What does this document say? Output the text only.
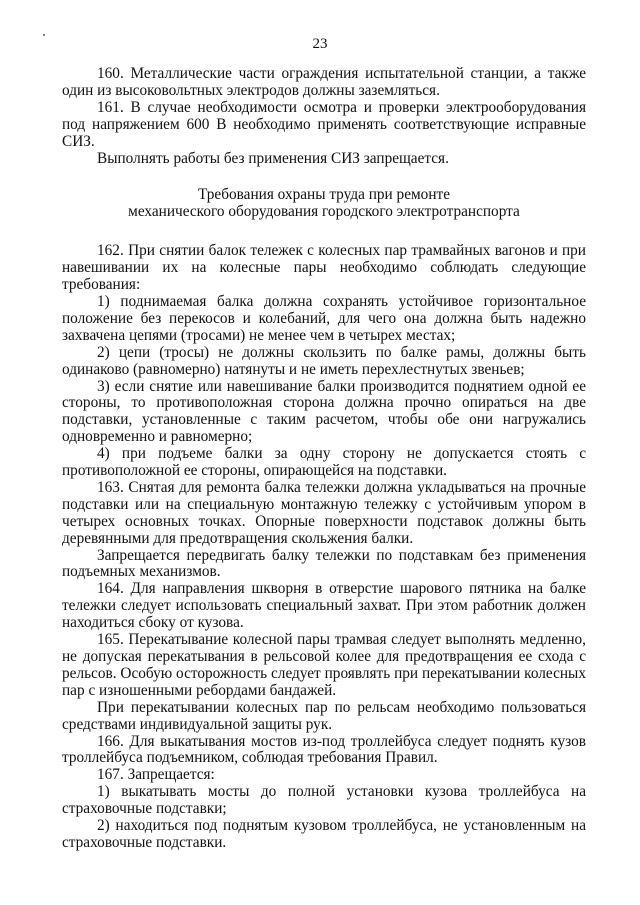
23

160. Металлические части ограждения испытательной станции, а также один из высоковольтных электродов должны заземляться.

161. В случае необходимости осмотра и проверки электрооборудования под напряжением 600 В необходимо применять соответствующие исправные СИЗ.

Выполнять работы без применения СИЗ запрещается.

Требования охраны труда при ремонте
механического оборудования городского электротранспорта

162. При снятии балок тележек с колесных пар трамвайных вагонов и при навешивании их на колесные пары необходимо соблюдать следующие требования:

1) поднимаемая балка должна сохранять устойчивое горизонтальное положение без перекосов и колебаний, для чего она должна быть надежно захвачена цепями (тросами) не менее чем в четырех местах;

2) цепи (тросы) не должны скользить по балке рамы, должны быть одинаково (равномерно) натянуты и не иметь перехлестнутых звеньев;

3) если снятие или навешивание балки производится поднятием одной ее стороны, то противоположная сторона должна прочно опираться на две подставки, установленные с таким расчетом, чтобы обе они нагружались одновременно и равномерно;

4) при подъеме балки за одну сторону не допускается стоять с противоположной ее стороны, опирающейся на подставки.

163. Снятая для ремонта балка тележки должна укладываться на прочные подставки или на специальную монтажную тележку с устойчивым упором в четырех основных точках. Опорные поверхности подставок должны быть деревянными для предотвращения скольжения балки.

Запрещается передвигать балку тележки по подставкам без применения подъемных механизмов.

164. Для направления шкворня в отверстие шарового пятника на балке тележки следует использовать специальный захват. При этом работник должен находиться сбоку от кузова.

165. Перекатывание колесной пары трамвая следует выполнять медленно, не допуская перекатывания в рельсовой колее для предотвращения ее схода с рельсов. Особую осторожность следует проявлять при перекатывании колесных пар с изношенными ребордами бандажей.

При перекатывании колесных пар по рельсам необходимо пользоваться средствами индивидуальной защиты рук.

166. Для выкатывания мостов из-под троллейбуса следует поднять кузов троллейбуса подъемником, соблюдая требования Правил.

167. Запрещается:

1) выкатывать мосты до полной установки кузова троллейбуса на страховочные подставки;

2) находиться под поднятым кузовом троллейбуса, не установленным на страховочные подставки.
